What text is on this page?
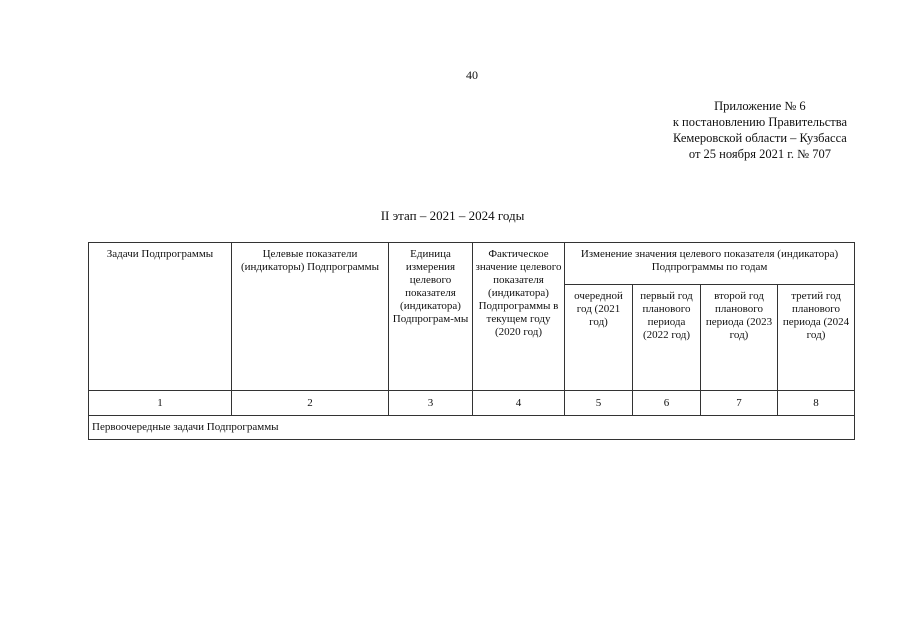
40
Приложение № 6
к постановлению Правительства
Кемеровской области – Кузбасса
от 25 ноября 2021 г. № 707
II этап – 2021 – 2024 годы
Задачи Подпрограммы	Целевые показатели (индикаторы) Подпрограммы	Единица измерения целевого показателя (индикатора) Подпрограм-мы	Фактическое значение целевого показателя (индикатора) Подпрограммы в текущем году (2020 год)	Изменение значения целевого показателя (индикатора) Подпрограммы по годам			
				очередной год (2021 год)	первый год планового периода (2022 год)	второй год планового периода (2023 год)	третий год планового периода (2024 год)
1	2	3	4	5	6	7	8
Первоочередные задачи Подпрограммы							
